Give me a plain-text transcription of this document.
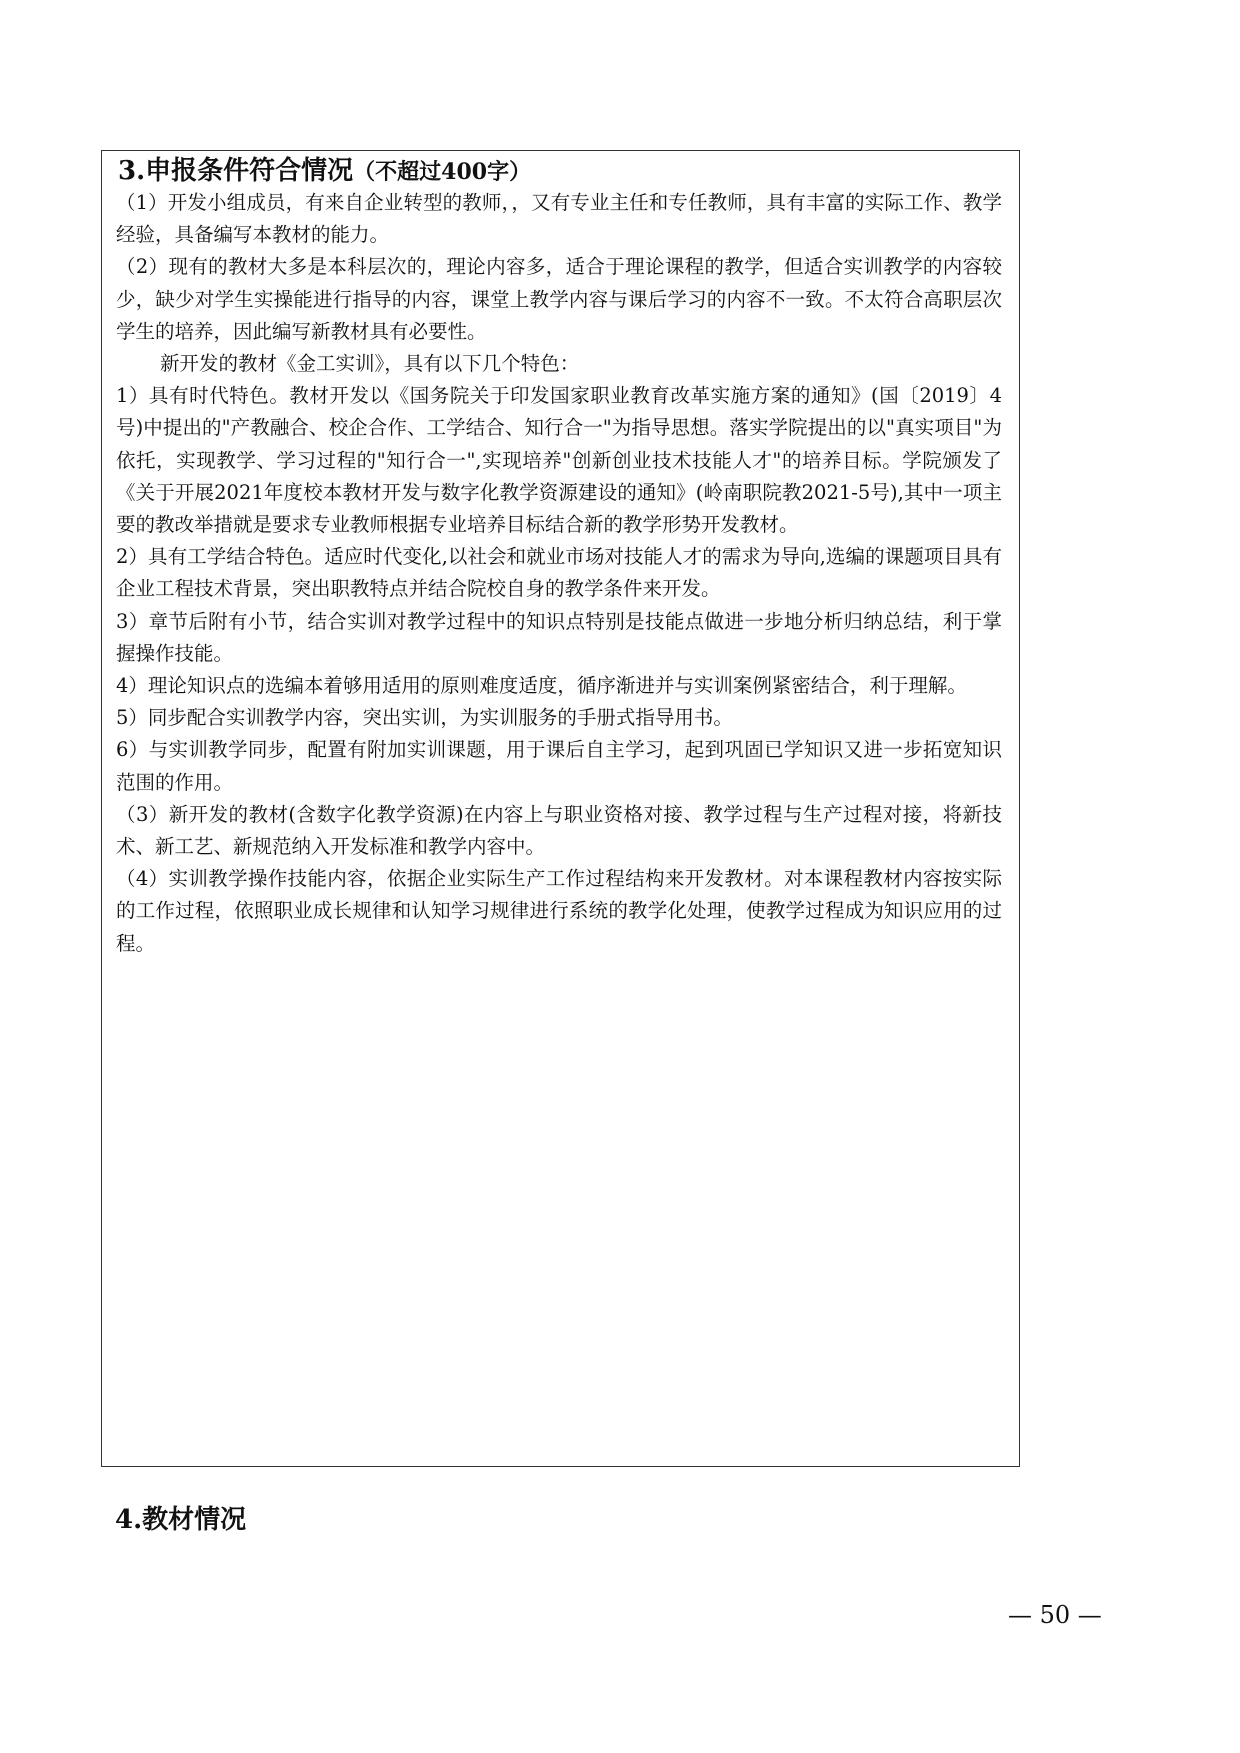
3.申报条件符合情况（不超过400字）

（1）开发小组成员，有来自企业转型的教师，，又有专业主任和专任教师，具有丰富的实际工作、教学经验，具备编写本教材的能力。

（2）现有的教材大多是本科层次的，理论内容多，适合于理论课程的教学，但适合实训教学的内容较少，缺少对学生实操能进行指导的内容，课堂上教学内容与课后学习的内容不一致。不太符合高职层次学生的培养，因此编写新教材具有必要性。

新开发的教材《金工实训》，具有以下几个特色：

1）具有时代特色。教材开发以《国务院关于印发国家职业教育改革实施方案的通知》(国〔2019〕4号)中提出的"产教融合、校企合作、工学结合、知行合一"为指导思想。落实学院提出的以"真实项目"为依托，实现教学、学习过程的"知行合一",实现培养"创新创业技术技能人才"的培养目标。学院颁发了《关于开展2021年度校本教材开发与数字化教学资源建设的通知》(岭南职院教2021-5号),其中一项主要的教改举措就是要求专业教师根据专业培养目标结合新的教学形势开发教材。

2）具有工学结合特色。适应时代变化,以社会和就业市场对技能人才的需求为导向,选编的课题项目具有企业工程技术背景，突出职教特点并结合院校自身的教学条件来开发。

3）章节后附有小节，结合实训对教学过程中的知识点特别是技能点做进一步地分析归纳总结，利于掌握操作技能。

4）理论知识点的选编本着够用适用的原则难度适度，循序渐进并与实训案例紧密结合，利于理解。

5）同步配合实训教学内容，突出实训，为实训服务的手册式指导用书。

6）与实训教学同步，配置有附加实训课题，用于课后自主学习，起到巩固已学知识又进一步拓宽知识范围的作用。

（3）新开发的教材(含数字化教学资源)在内容上与职业资格对接、教学过程与生产过程对接，将新技术、新工艺、新规范纳入开发标准和教学内容中。

（4）实训教学操作技能内容，依据企业实际生产工作过程结构来开发教材。对本课程教材内容按实际的工作过程，依照职业成长规律和认知学习规律进行系统的教学化处理，使教学过程成为知识应用的过程。

4.教材情况
— 50 —
